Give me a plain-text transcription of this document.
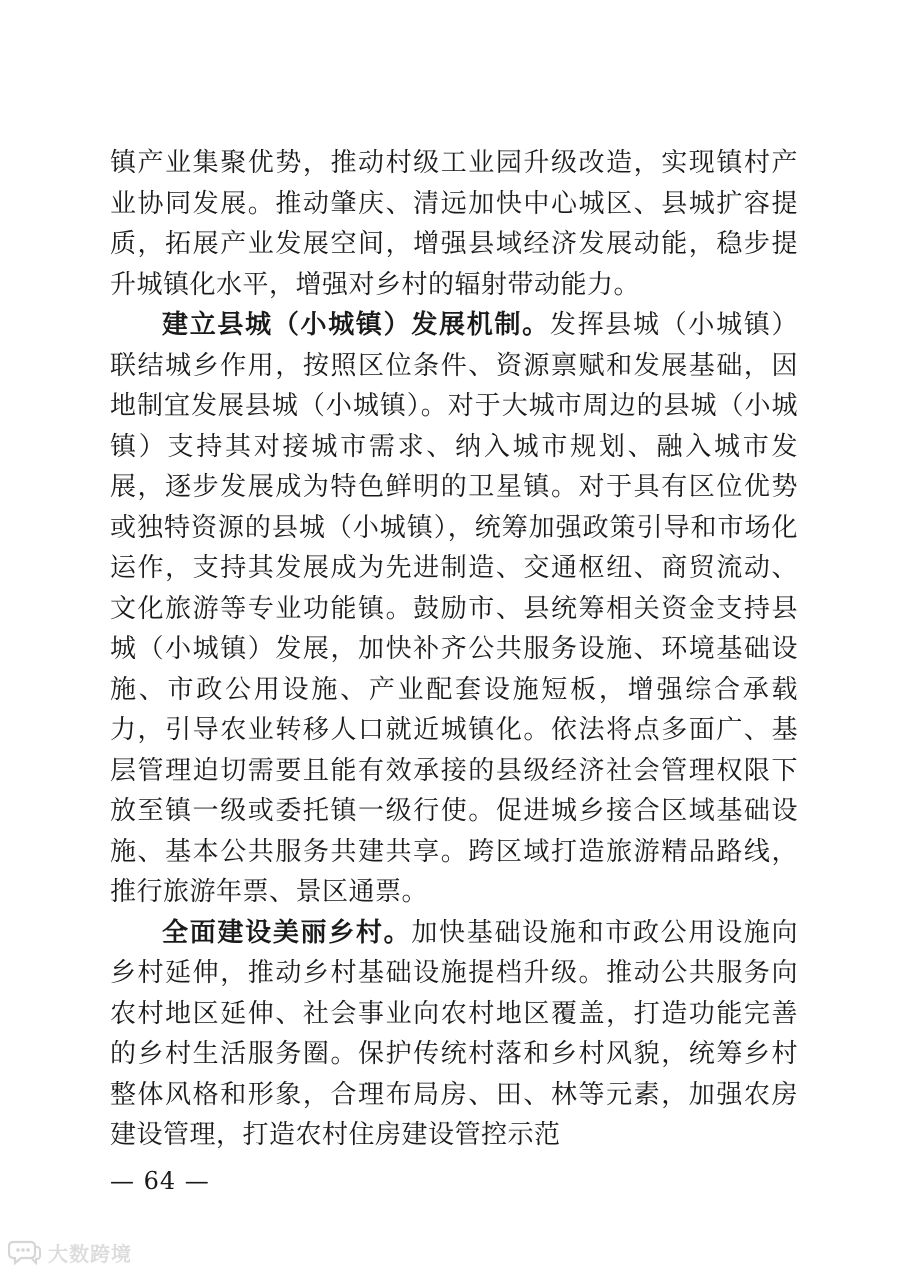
镇产业集聚优势，推动村级工业园升级改造，实现镇村产业协同发展。推动肇庆、清远加快中心城区、县城扩容提质，拓展产业发展空间，增强县域经济发展动能，稳步提升城镇化水平，增强对乡村的辐射带动能力。

建立县城（小城镇）发展机制。发挥县城（小城镇）联结城乡作用，按照区位条件、资源禀赋和发展基础，因地制宜发展县城（小城镇）。对于大城市周边的县城（小城镇）支持其对接城市需求、纳入城市规划、融入城市发展，逐步发展成为特色鲜明的卫星镇。对于具有区位优势或独特资源的县城（小城镇），统筹加强政策引导和市场化运作，支持其发展成为先进制造、交通枢纽、商贸流动、文化旅游等专业功能镇。鼓励市、县统筹相关资金支持县城（小城镇）发展，加快补齐公共服务设施、环境基础设施、市政公用设施、产业配套设施短板，增强综合承载力，引导农业转移人口就近城镇化。依法将点多面广、基层管理迫切需要且能有效承接的县级经济社会管理权限下放至镇一级或委托镇一级行使。促进城乡接合区域基础设施、基本公共服务共建共享。跨区域打造旅游精品路线，推行旅游年票、景区通票。

全面建设美丽乡村。加快基础设施和市政公用设施向乡村延伸，推动乡村基础设施提档升级。推动公共服务向农村地区延伸、社会事业向农村地区覆盖，打造功能完善的乡村生活服务圈。保护传统村落和乡村风貌，统筹乡村整体风格和形象，合理布局房、田、林等元素，加强农房建设管理，打造农村住房建设管控示范

— 64 —
大数跨境
